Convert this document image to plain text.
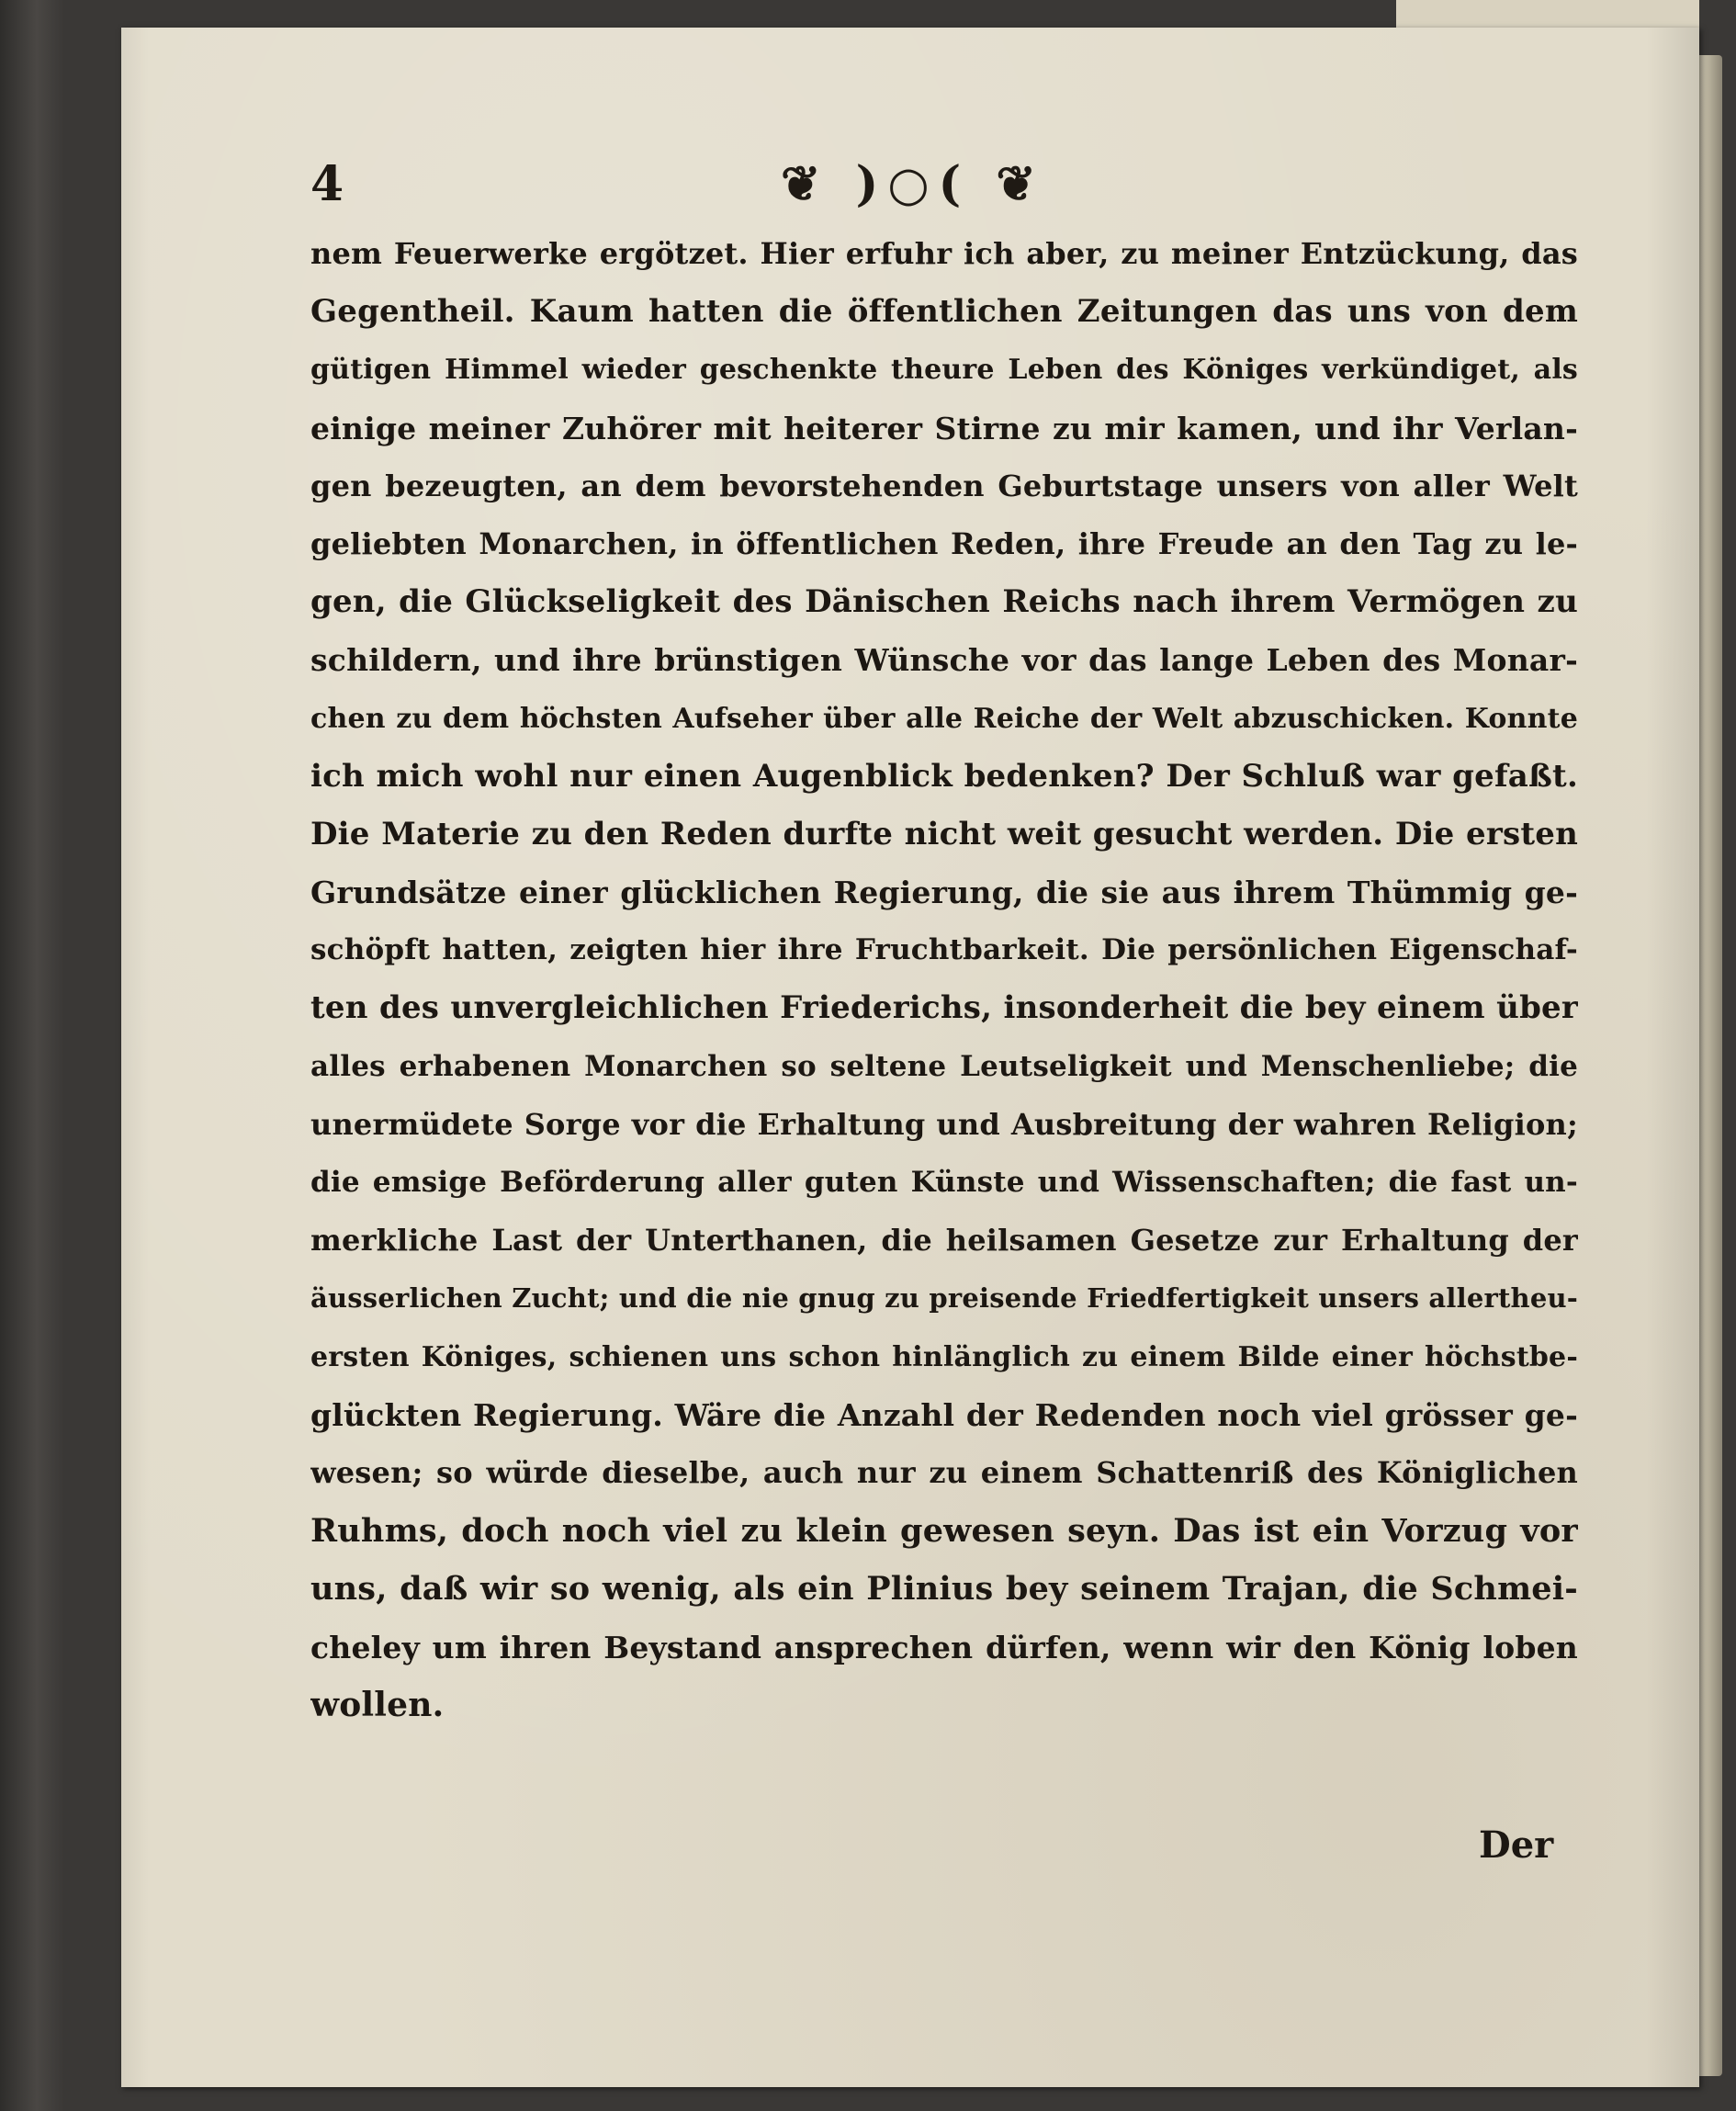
4	❦ )○( ❦
nem Feuerwerke ergötzet. Hier erfuhr ich aber, zu meiner Entzückung, das
Gegentheil. Kaum hatten die öffentlichen Zeitungen das uns von dem
gütigen Himmel wieder geschenkte theure Leben des Königes verkündiget, als
einige meiner Zuhörer mit heiterer Stirne zu mir kamen, und ihr Verlan-
gen bezeugten, an dem bevorstehenden Geburtstage unsers von aller Welt
geliebten Monarchen, in öffentlichen Reden, ihre Freude an den Tag zu le-
gen, die Glückseligkeit des Dänischen Reichs nach ihrem Vermögen zu
schildern, und ihre brünstigen Wünsche vor das lange Leben des Monar-
chen zu dem höchsten Aufseher über alle Reiche der Welt abzuschicken. Konnte
ich mich wohl nur einen Augenblick bedenken? Der Schluß war gefaßt.
Die Materie zu den Reden durfte nicht weit gesucht werden. Die ersten
Grundsätze einer glücklichen Regierung, die sie aus ihrem Thümmig ge-
schöpft hatten, zeigten hier ihre Fruchtbarkeit. Die persönlichen Eigenschaf-
ten des unvergleichlichen Friederichs, insonderheit die bey einem über
alles erhabenen Monarchen so seltene Leutseligkeit und Menschenliebe; die
unermüdete Sorge vor die Erhaltung und Ausbreitung der wahren Religion;
die emsige Beförderung aller guten Künste und Wissenschaften; die fast un-
merkliche Last der Unterthanen, die heilsamen Gesetze zur Erhaltung der
äusserlichen Zucht; und die nie gnug zu preisende Friedfertigkeit unsers allertheu-
ersten Königes, schienen uns schon hinlänglich zu einem Bilde einer höchstbe-
glückten Regierung. Wäre die Anzahl der Redenden noch viel grösser ge-
wesen; so würde dieselbe, auch nur zu einem Schattenriß des Königlichen
Ruhms, doch noch viel zu klein gewesen seyn. Das ist ein Vorzug vor
uns, daß wir so wenig, als ein Plinius bey seinem Trajan, die Schmei-
cheley um ihren Beystand ansprechen dürfen, wenn wir den König loben
wollen.
Der
